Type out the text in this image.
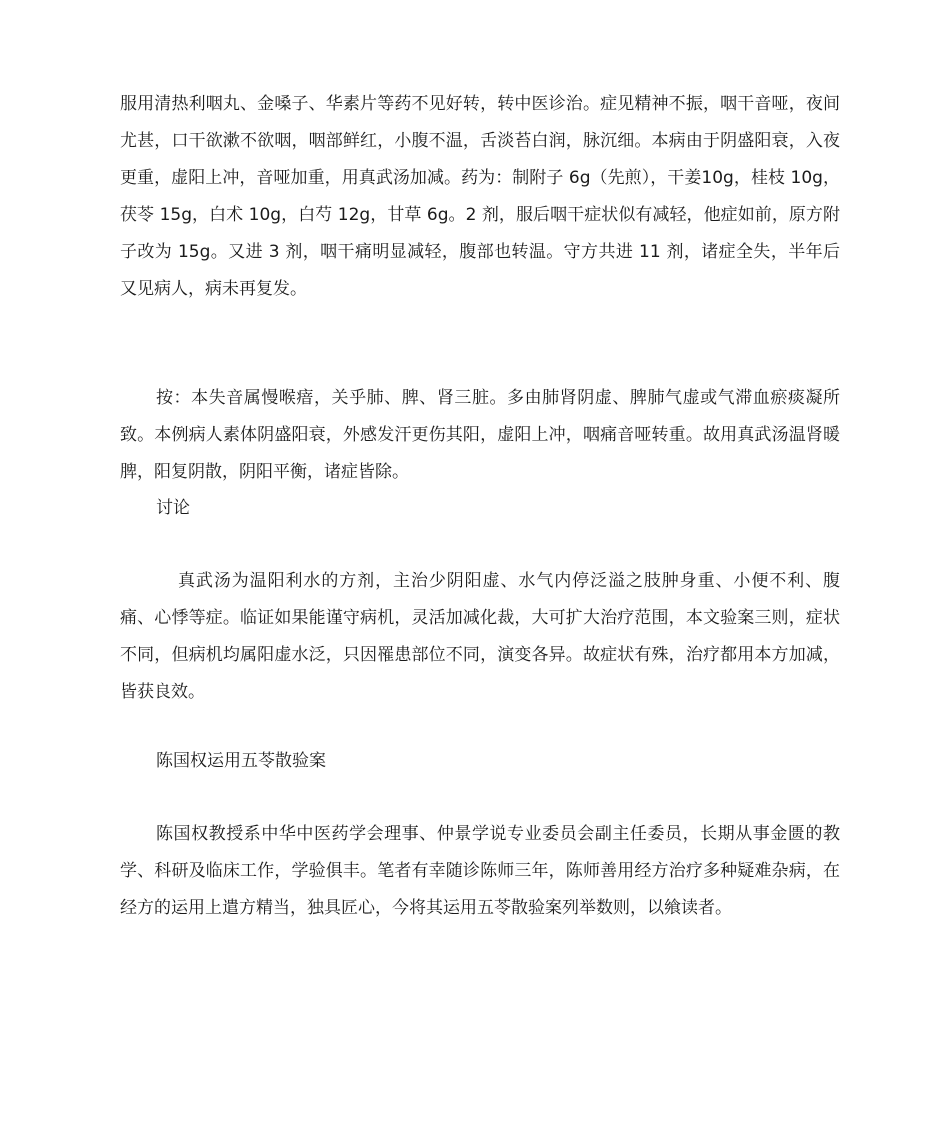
服用清热利咽丸、金嗓子、华素片等药不见好转，转中医诊治。症见精神不振，咽干音哑，夜间尤甚，口干欲漱不欲咽，咽部鲜红，小腹不温，舌淡苔白润，脉沉细。本病由于阴盛阳衰，入夜更重，虚阳上冲，音哑加重，用真武汤加减。药为：制附子 6g（先煎），干姜10g，桂枝 10g，茯苓 15g，白术 10g，白芍 12g，甘草 6g。2 剂，服后咽干症状似有减轻，他症如前，原方附子改为 15g。又进 3 剂，咽干痛明显减轻，腹部也转温。守方共进 11 剂，诸症全失，半年后又见病人，病未再复发。

按：本失音属慢喉瘖，关乎肺、脾、肾三脏。多由肺肾阴虚、脾肺气虚或气滞血瘀痰凝所致。本例病人素体阴盛阳衰，外感发汗更伤其阳，虚阳上冲，咽痛音哑转重。故用真武汤温肾暖脾，阳复阴散，阴阳平衡，诸症皆除。

讨论

真武汤为温阳利水的方剂，主治少阴阳虚、水气内停泛溢之肢肿身重、小便不利、腹痛、心悸等症。临证如果能谨守病机，灵活加减化裁，大可扩大治疗范围，本文验案三则，症状不同，但病机均属阳虚水泛，只因罹患部位不同，演变各异。故症状有殊，治疗都用本方加减，皆获良效。

陈国权运用五苓散验案

陈国权教授系中华中医药学会理事、仲景学说专业委员会副主任委员，长期从事金匮的教学、科研及临床工作，学验俱丰。笔者有幸随诊陈师三年，陈师善用经方治疗多种疑难杂病，在经方的运用上遣方精当，独具匠心，今将其运用五苓散验案列举数则，以飨读者。
